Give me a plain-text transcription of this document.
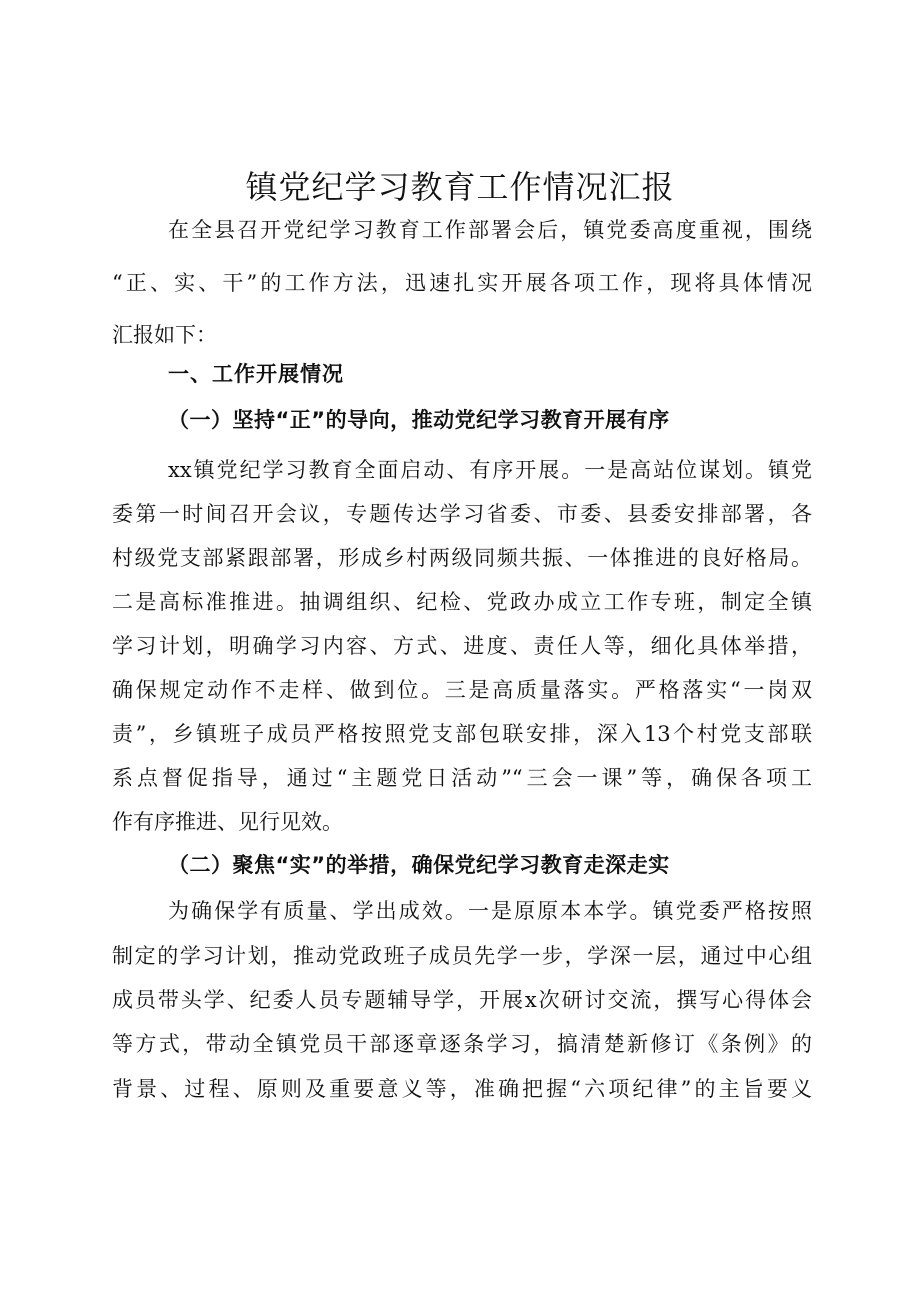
镇党纪学习教育工作情况汇报
在全县召开党纪学习教育工作部署会后，镇党委高度重视，围绕
“正、实、干”的工作方法，迅速扎实开展各项工作，现将具体情况
汇报如下：
一、工作开展情况
（一）坚持“正”的导向，推动党纪学习教育开展有序
xx镇党纪学习教育全面启动、有序开展。一是高站位谋划。镇党
委第一时间召开会议，专题传达学习省委、市委、县委安排部署，各
村级党支部紧跟部署，形成乡村两级同频共振、一体推进的良好格局。
二是高标准推进。抽调组织、纪检、党政办成立工作专班，制定全镇
学习计划，明确学习内容、方式、进度、责任人等，细化具体举措，
确保规定动作不走样、做到位。三是高质量落实。严格落实“一岗双
责”，乡镇班子成员严格按照党支部包联安排，深入13个村党支部联
系点督促指导，通过“主题党日活动”“三会一课”等，确保各项工
作有序推进、见行见效。
（二）聚焦“实”的举措，确保党纪学习教育走深走实
为确保学有质量、学出成效。一是原原本本学。镇党委严格按照
制定的学习计划，推动党政班子成员先学一步，学深一层，通过中心组
成员带头学、纪委人员专题辅导学，开展x次研讨交流，撰写心得体会
等方式，带动全镇党员干部逐章逐条学习，搞清楚新修订《条例》的
背景、过程、原则及重要意义等，准确把握“六项纪律”的主旨要义
